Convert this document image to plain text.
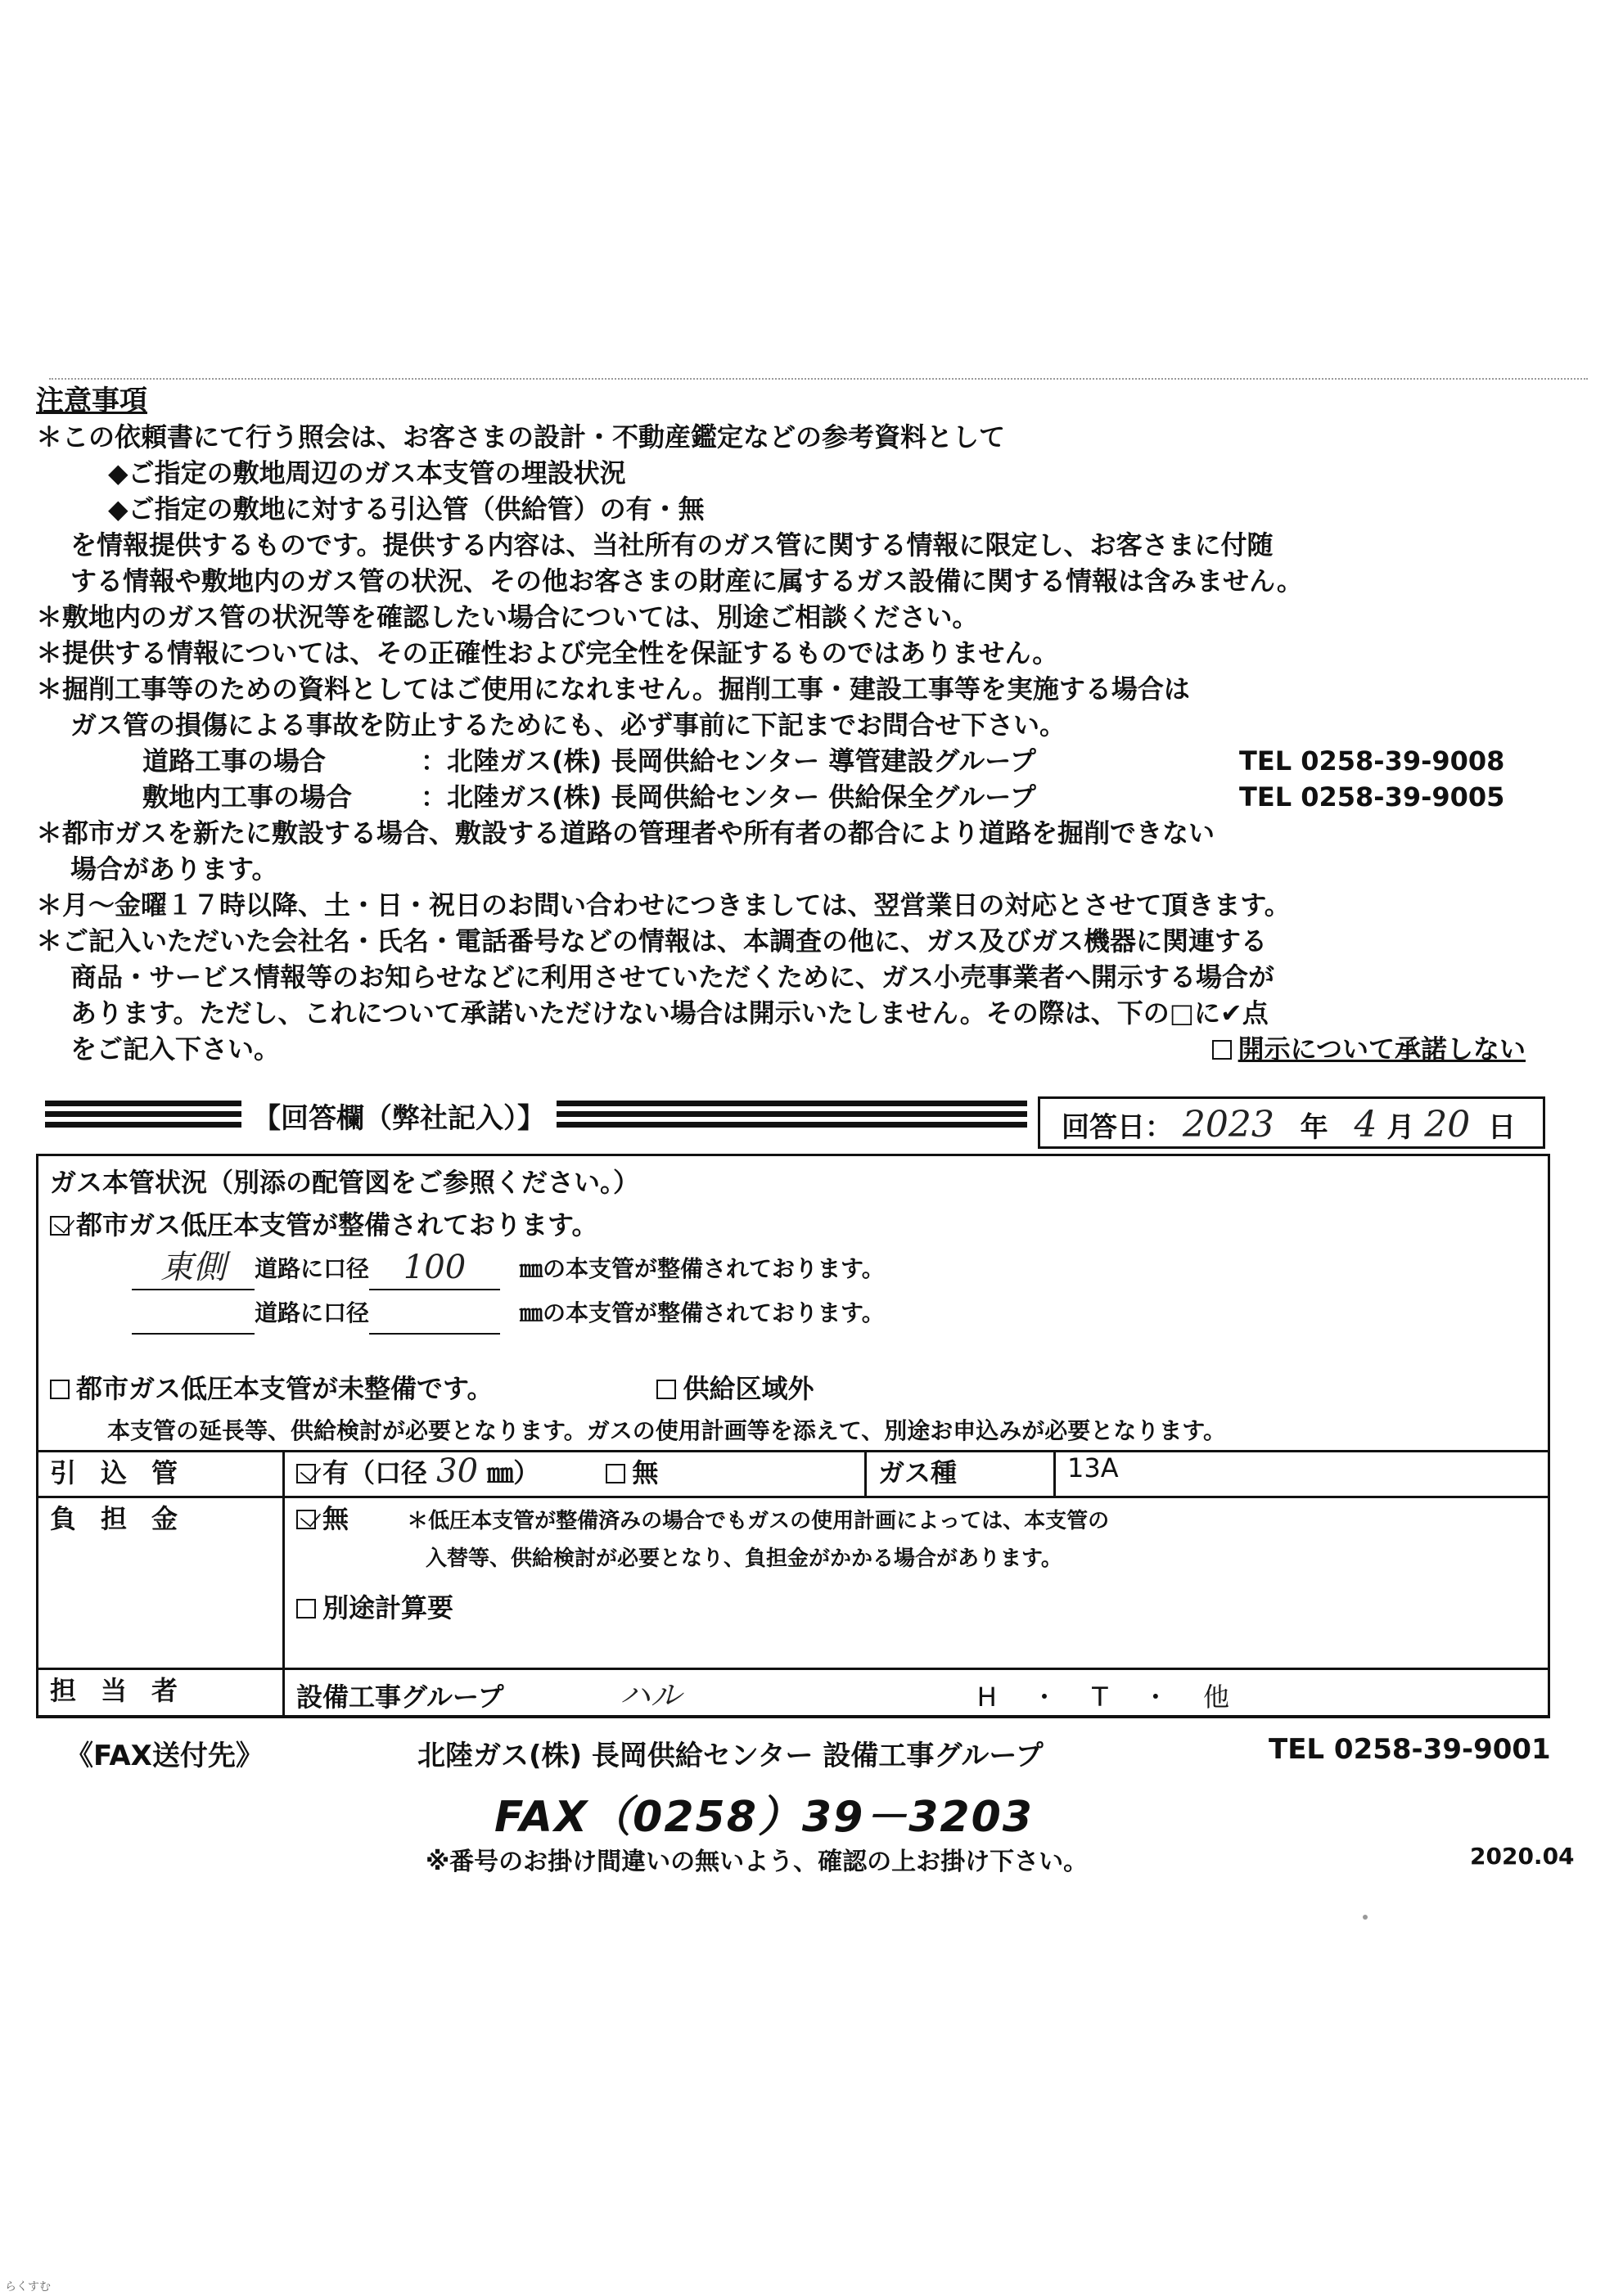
注意事項
＊この依頼書にて行う照会は、お客さまの設計・不動産鑑定などの参考資料として
◆ご指定の敷地周辺のガス本支管の埋設状況
◆ご指定の敷地に対する引込管（供給管）の有・無
を情報提供するものです。提供する内容は、当社所有のガス管に関する情報に限定し、お客さまに付随
する情報や敷地内のガス管の状況、その他お客さまの財産に属するガス設備に関する情報は含みません。
＊敷地内のガス管の状況等を確認したい場合については、別途ご相談ください。
＊提供する情報については、その正確性および完全性を保証するものではありません。
＊掘削工事等のための資料としてはご使用になれません。掘削工事・建設工事等を実施する場合は
ガス管の損傷による事故を防止するためにも、必ず事前に下記までお問合せ下さい。
道路工事の場合	：北陸ガス(株) 長岡供給センター 導管建設グループ	TEL 0258-39-9008
敷地内工事の場合	：北陸ガス(株) 長岡供給センター 供給保全グループ	TEL 0258-39-9005
＊都市ガスを新たに敷設する場合、敷設する道路の管理者や所有者の都合により道路を掘削できない
場合があります。
＊月～金曜１７時以降、土・日・祝日のお問い合わせにつきましては、翌営業日の対応とさせて頂きます。
＊ご記入いただいた会社名・氏名・電話番号などの情報は、本調査の他に、ガス及びガス機器に関連する
商品・サービス情報等のお知らせなどに利用させていただくために、ガス小売事業者へ開示する場合が
あります。ただし、これについて承諾いただけない場合は開示いたしません。その際は、下の□に✔点
をご記入下さい。	開示について承諾しない
【回答欄（弊社記入）】	回答日： 2023 年 4 月 20 日
ガス本管状況（別添の配管図をご参照ください。）
都市ガス低圧本支管が整備されております。
東側 道路に口径 100 ㎜の本支管が整備されております。
道路に口径	㎜の本支管が整備されております。
都市ガス低圧本支管が未整備です。	供給区域外
本支管の延長等、供給検討が必要となります。ガスの使用計画等を添えて、別途お申込みが必要となります。
引込管	有（口径 30 ㎜） 無	ガス種	13A
負担金	無 ＊低圧本支管が整備済みの場合でもガスの使用計画によっては、本支管の
入替等、供給検討が必要となり、負担金がかかる場合があります。
別途計算要		

担当者	設備工事グループ ハル H ・ T ・ 他		
《FAX送付先》	北陸ガス(株) 長岡供給センター 設備工事グループ	TEL 0258-39-9001
FAX（0258）39－3203
※番号のお掛け間違いの無いよう、確認の上お掛け下さい。	2020.04
らくすむ
